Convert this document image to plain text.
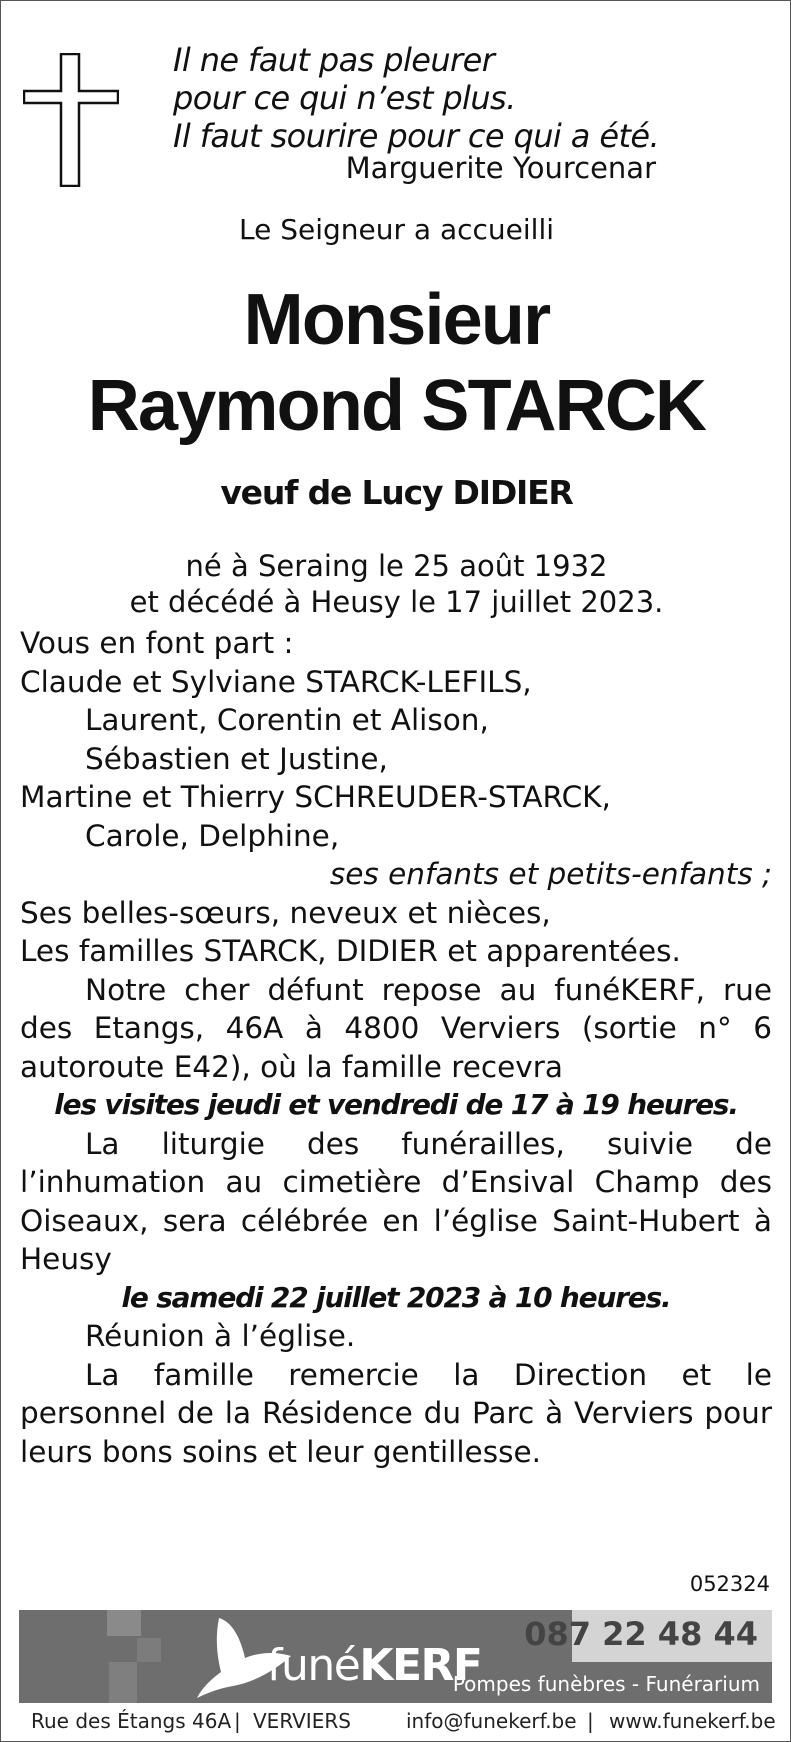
Il ne faut pas pleurer
pour ce qui n’est plus.
Il faut sourire pour ce qui a été.
Marguerite Yourcenar
Le Seigneur a accueilli
Monsieur
Raymond STARCK
veuf de Lucy DIDIER
né à Seraing le 25 août 1932
et décédé à Heusy le 17 juillet 2023.
Vous en font part :
Claude et Sylviane STARCK-LEFILS,
Laurent, Corentin et Alison,
Sébastien et Justine,
Martine et Thierry SCHREUDER-STARCK,
Carole, Delphine,
ses enfants et petits-enfants ;
Ses belles-sœurs, neveux et nièces,
Les familles STARCK, DIDIER et apparentées.
Notre cher défunt repose au funéKERF, rue des Etangs, 46A à 4800 Verviers (sortie n° 6 autoroute E42), où la famille recevra
les visites jeudi et vendredi de 17 à 19 heures.
La liturgie des funérailles, suivie de l’inhumation au cimetière d’Ensival Champ des Oiseaux, sera célébrée en l’église Saint-Hubert à Heusy
le samedi 22 juillet 2023 à 10 heures.
Réunion à l’église.
La famille remercie la Direction et le personnel de la Résidence du Parc à Verviers pour leurs bons soins et leur gentillesse.
052324
funéKERF
087 22 48 44
Pompes funèbres - Funérarium
Rue des Étangs 46A | VERVIERS	info@funekerf.be | www.funekerf.be
